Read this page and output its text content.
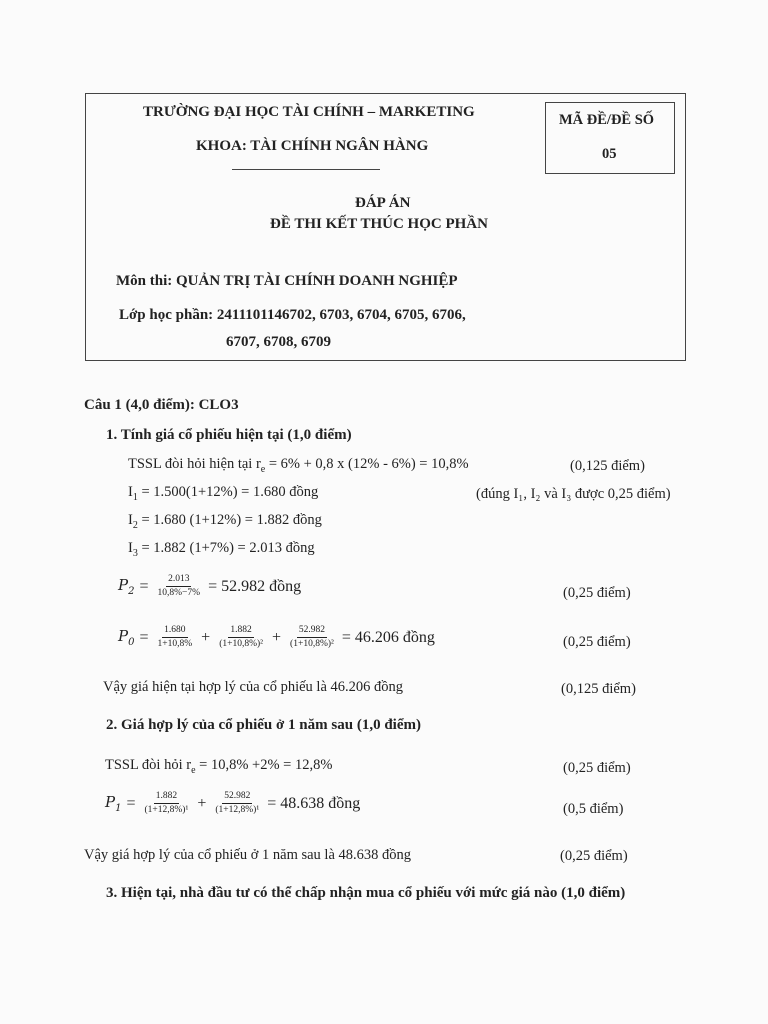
TRƯỜNG ĐẠI HỌC TÀI CHÍNH – MARKETING
KHOA: TÀI CHÍNH NGÂN HÀNG
MÃ ĐỀ/ĐỀ SỐ
05
ĐÁP ÁN
ĐỀ THI KẾT THÚC HỌC PHẦN
Môn thi: QUẢN TRỊ TÀI CHÍNH DOANH NGHIỆP
Lớp học phần: 2411101146702, 6703, 6704, 6705, 6706,
6707, 6708, 6709
Câu 1 (4,0 điểm): CLO3
1. Tính giá cổ phiếu hiện tại (1,0 điểm)
TSSL đòi hỏi hiện tại $r_e = 6\% + 0,8$ x (12% - 6%) = 10,8%	(0,125 điểm)
$I_1 = 1.500(1+12\%) = 1.680$ đồng	(đúng I₁, I₂ và I₃ được 0,25 điểm)
$I_2 = 1.680$ (1+12%) = 1.882 đồng
$I_3 = 1.882$ (1+7%) = 2.013 đồng
$P_2 = \frac{2.013}{10,8\%-7\%} = 52.982$ đồng	(0,25 điểm)
$P_0 = \frac{1.680}{1+10,8\%} + \frac{1.882}{\text{(1+10,8\%)²}} + \frac{52.982}{\text{(1+10,8\%)²}} = 46.206$ đồng	(0,25 điểm)
Vậy giá hiện tại hợp lý của cổ phiếu là 46.206 đồng	(0,125 điểm)
2. Giá hợp lý của cổ phiếu ở 1 năm sau (1,0 điểm)
TSSL đòi hỏi $r_e = 10,8\% +2\% = 12,8\%$	(0,25 điểm)
$P_1 = \frac{1.882}{\text{(1+12,8\%)¹}} + \frac{52.982}{\text{(1+12,8\%)¹}} = 48.638$ đồng	(0,5 điểm)
Vậy giá hợp lý của cổ phiếu ở 1 năm sau là 48.638 đồng	(0,25 điểm)
3. Hiện tại, nhà đầu tư có thể chấp nhận mua cổ phiếu với mức giá nào (1,0 điểm)
